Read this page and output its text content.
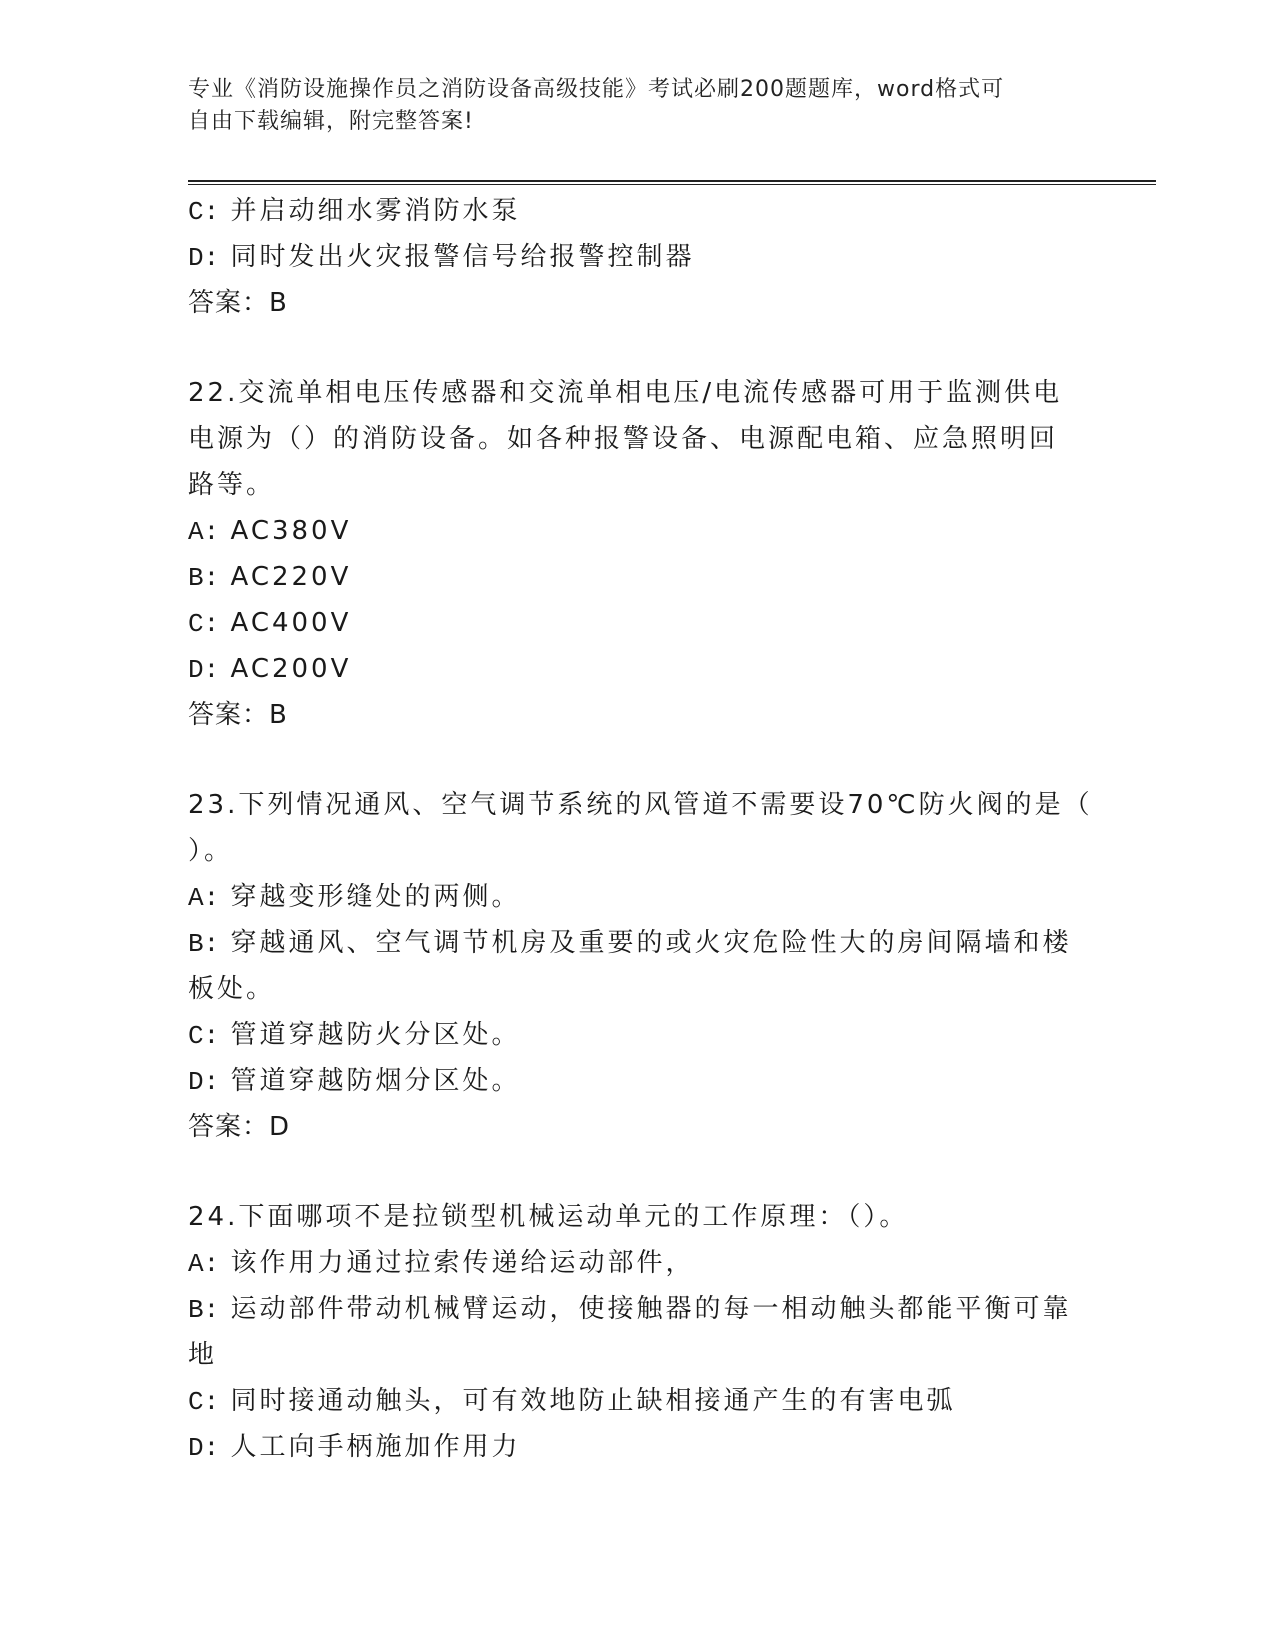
专业《消防设施操作员之消防设备高级技能》考试必刷200题题库，word格式可
自由下载编辑，附完整答案!
C: 并启动细水雾消防水泵
D: 同时发出火灾报警信号给报警控制器
答案：B
22.交流单相电压传感器和交流单相电压/电流传感器可用于监测供电
电源为（）的消防设备。如各种报警设备、电源配电箱、应急照明回
路等。
A: AC380V
B: AC220V
C: AC400V
D: AC200V
答案：B
23.下列情况通风、空气调节系统的风管道不需要设70℃防火阀的是（
）。
A: 穿越变形缝处的两侧。
B: 穿越通风、空气调节机房及重要的或火灾危险性大的房间隔墙和楼
板处。
C: 管道穿越防火分区处。
D: 管道穿越防烟分区处。
答案：D
24.下面哪项不是拉锁型机械运动单元的工作原理：（）。
A: 该作用力通过拉索传递给运动部件，
B: 运动部件带动机械臂运动，使接触器的每一相动触头都能平衡可靠
地
C: 同时接通动触头，可有效地防止缺相接通产生的有害电弧
D: 人工向手柄施加作用力
